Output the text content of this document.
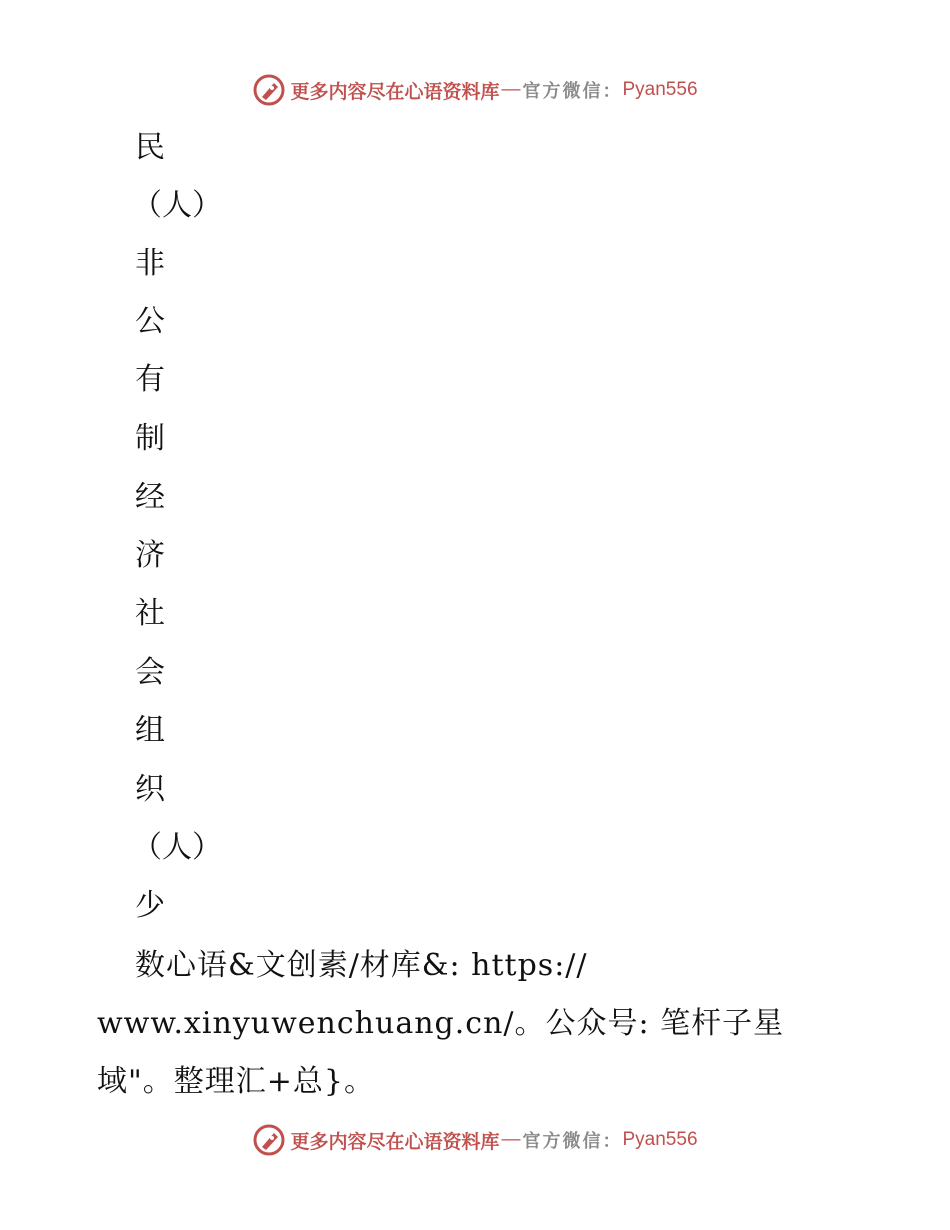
更多内容尽在心语资料库 — 官方微信： Pyan556
民
（人）
非
公
有
制
经
济
社
会
组
织
（人）
少
数心语&文创素/材库&: https://
www.xinyuwenchuang.cn/。公众号: 笔杆子星
域"。整理汇+总}。
更多内容尽在心语资料库 — 官方微信： Pyan556
